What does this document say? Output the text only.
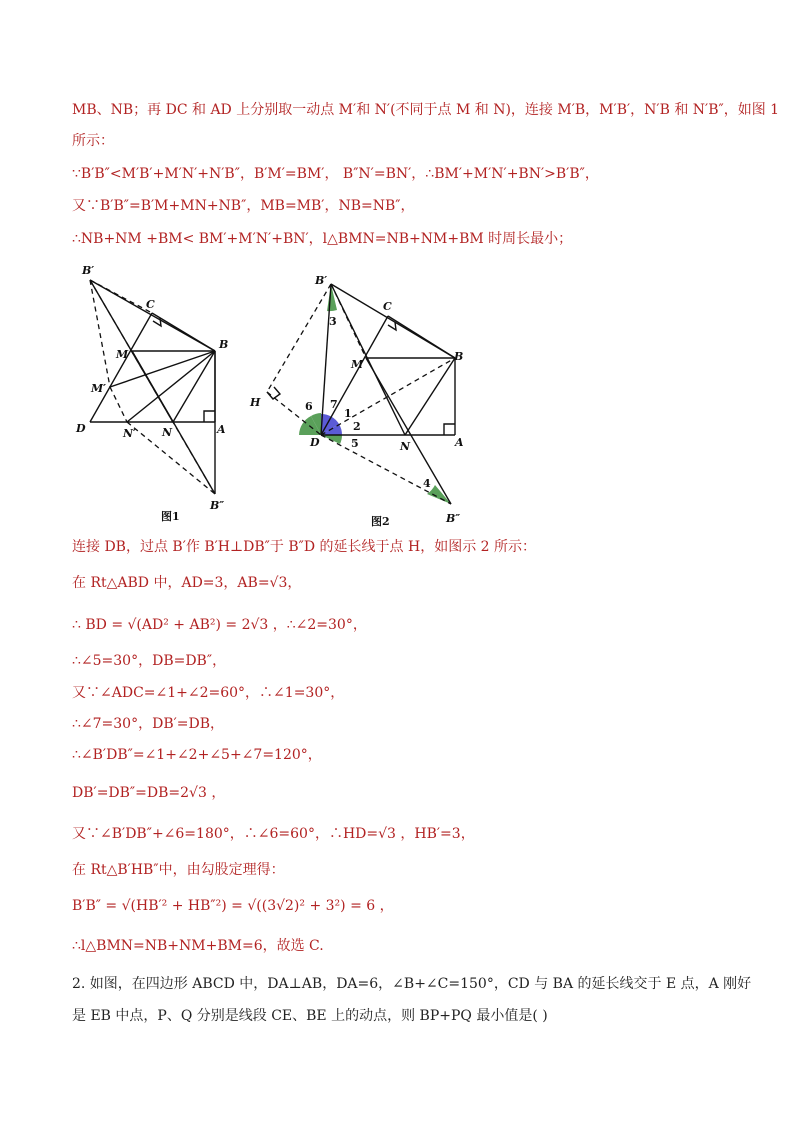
MB、NB；再 DC 和 AD 上分别取一动点 M′和 N′(不同于点 M 和 N)，连接 M′B，M′B′，N′B 和 N′B″，如图 1
所示：
∵B′B″<M′B′+M′N′+N′B″，B′M′=BM′， B″N′=BN′，∴BM′+M′N′+BN′>B′B″，
又∵B′B″=B′M+MN+NB″，MB=MB′，NB=NB″，
∴NB+NM +BM< BM′+M′N′+BN′，l△BMN=NB+NM+BM 时周长最小；
B′
C
M
B
M′
D	N′ N	A
B″
图1
B′
C
M
B
H
D	N	A
B″
1
2
3
4
5
6 7
图2
连接 DB，过点 B′作 B′H⊥DB″于 B″D 的延长线于点 H，如图示 2 所示：
在 Rt△ABD 中，AD=3，AB=√3，
∴ BD = √(AD² + AB²) = 2√3 ，∴∠2=30°，
∴∠5=30°，DB=DB″，
又∵∠ADC=∠1+∠2=60°，∴∠1=30°，
∴∠7=30°，DB′=DB，
∴∠B′DB″=∠1+∠2+∠5+∠7=120°，
DB′=DB″=DB=2√3 ，
又∵∠B′DB″+∠6=180°，∴∠6=60°，∴HD=√3 ，HB′=3，
在 Rt△B′HB″中，由勾股定理得：
B′B″ = √(HB′² + HB″²) = √((3√2)² + 3²) = 6 ，
∴l△BMN=NB+NM+BM=6，故选 C.
2. 如图，在四边形 ABCD 中，DA⊥AB，DA=6，∠B+∠C=150°，CD 与 BA 的延长线交于 E 点，A 刚好
是 EB 中点，P、Q 分别是线段 CE、BE 上的动点，则 BP+PQ 最小值是( )
